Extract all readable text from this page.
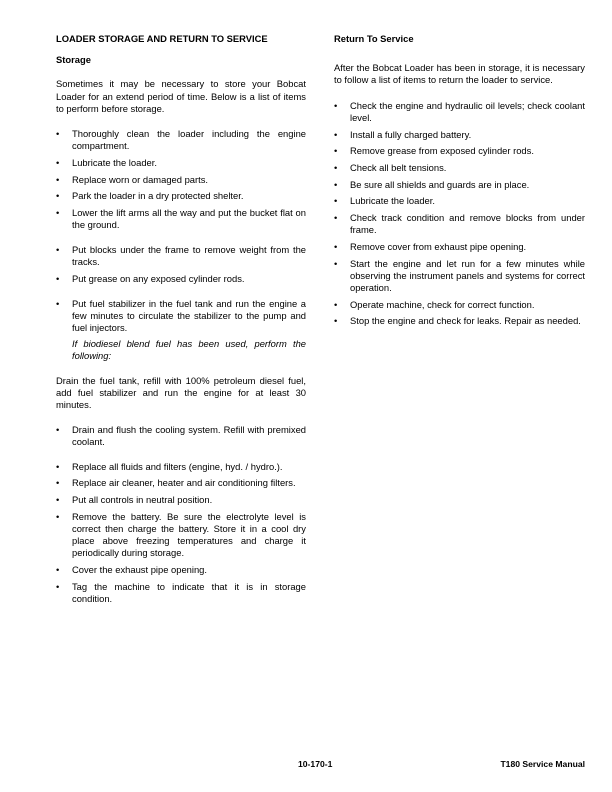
LOADER STORAGE AND RETURN TO SERVICE
Storage

Sometimes it may be necessary to store your Bobcat Loader for an extend period of time. Below is a list of items to perform before storage.

• Thoroughly clean the loader including the engine compartment.
• Lubricate the loader.
• Replace worn or damaged parts.
• Park the loader in a dry protected shelter.
• Lower the lift arms all the way and put the bucket flat on the ground.
• Put blocks under the frame to remove weight from the tracks.
• Put grease on any exposed cylinder rods.
• Put fuel stabilizer in the fuel tank and run the engine a few minutes to circulate the stabilizer to the pump and fuel injectors.

If biodiesel blend fuel has been used, perform the following:

Drain the fuel tank, refill with 100% petroleum diesel fuel, add fuel stabilizer and run the engine for at least 30 minutes.

• Drain and flush the cooling system. Refill with premixed coolant.
• Replace all fluids and filters (engine, hyd. / hydro.).
• Replace air cleaner, heater and air conditioning filters.
• Put all controls in neutral position.
• Remove the battery. Be sure the electrolyte level is correct then charge the battery. Store it in a cool dry place above freezing temperatures and charge it periodically during storage.
• Cover the exhaust pipe opening.
• Tag the machine to indicate that it is in storage condition.
Return To Service

After the Bobcat Loader has been in storage, it is necessary to follow a list of items to return the loader to service.

• Check the engine and hydraulic oil levels; check coolant level.
• Install a fully charged battery.
• Remove grease from exposed cylinder rods.
• Check all belt tensions.
• Be sure all shields and guards are in place.
• Lubricate the loader.
• Check track condition and remove blocks from under frame.
• Remove cover from exhaust pipe opening.
• Start the engine and let run for a few minutes while observing the instrument panels and systems for correct operation.
• Operate machine, check for correct function.
• Stop the engine and check for leaks. Repair as needed.
10-170-1	T180 Service Manual
